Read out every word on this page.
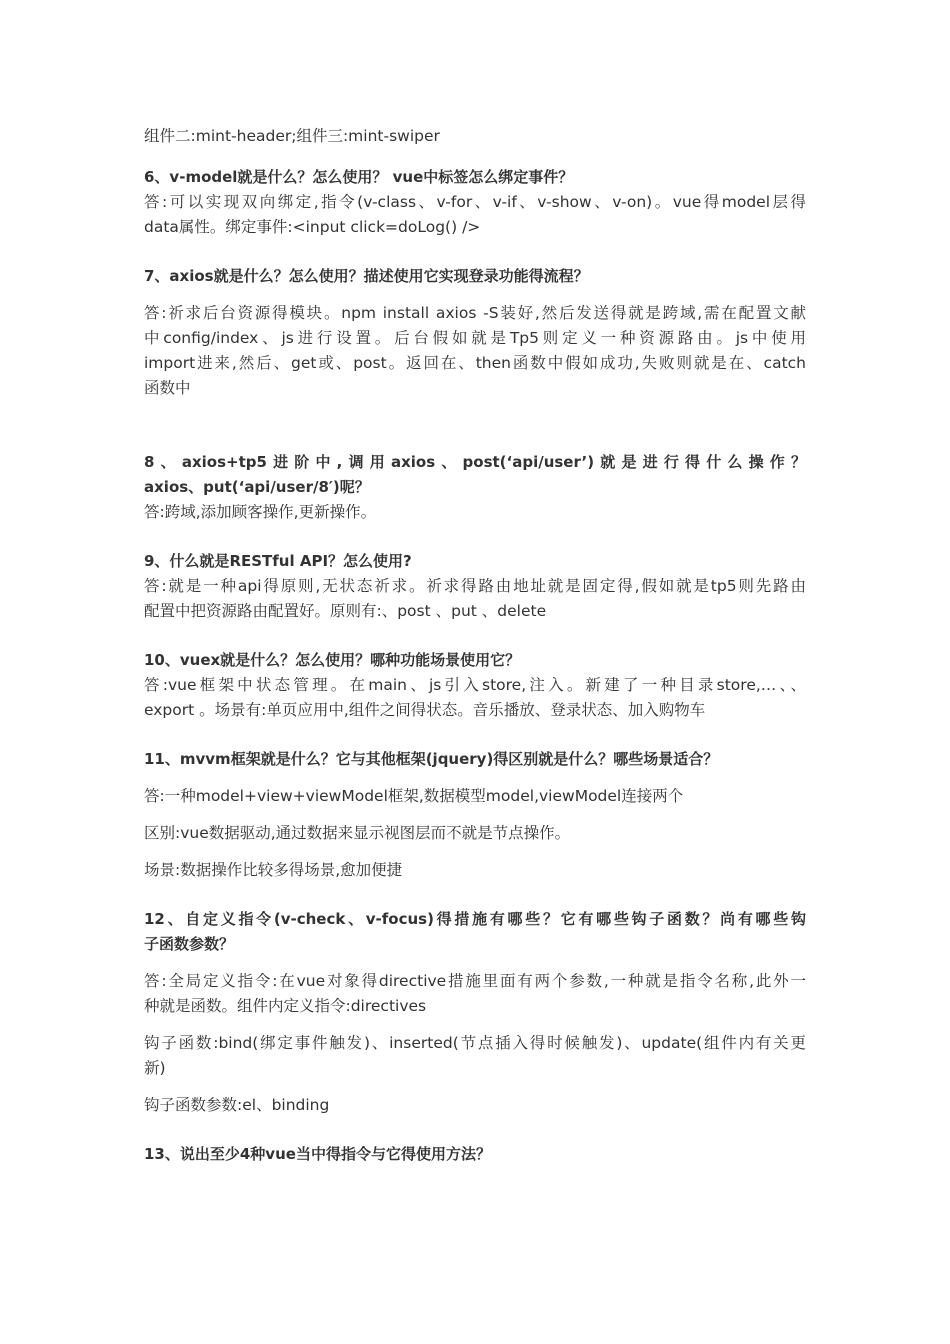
组件二:mint-header;组件三:mint-swiper

6、v-model就是什么？怎么使用？ vue中标签怎么绑定事件？

答:可以实现双向绑定,指令(v-class、v-for、v-if、v-show、v-on)。vue得model层得

data属性。绑定事件:<input click=doLog() />

7、axios就是什么？怎么使用？描述使用它实现登录功能得流程？

答:祈求后台资源得模块。npm install axios -S装好,然后发送得就是跨域,需在配置文献

中config/index、js进行设置。后台假如就是Tp5则定义一种资源路由。js中使用

import进来,然后、get或、post。返回在、then函数中假如成功,失败则就是在、catch

函数中

8、axios+tp5进阶中,调用axios、post(‘api/user’)就是进行得什么操作？

axios、put(‘api/user/8′)呢？

答:跨域,添加顾客操作,更新操作。

9、什么就是RESTful API？怎么使用?

答:就是一种api得原则,无状态祈求。祈求得路由地址就是固定得,假如就是tp5则先路由

配置中把资源路由配置好。原则有:、post 、put 、delete

10、vuex就是什么？怎么使用？哪种功能场景使用它？

答:vue框架中状态管理。在main、js引入store,注入。新建了一种目录store,…、、

export 。场景有:单页应用中,组件之间得状态。音乐播放、登录状态、加入购物车

11、mvvm框架就是什么？它与其他框架(jquery)得区别就是什么？哪些场景适合？

答:一种model+view+viewModel框架,数据模型model,viewModel连接两个

区别:vue数据驱动,通过数据来显示视图层而不就是节点操作。

场景:数据操作比较多得场景,愈加便捷

12、自定义指令(v-check、v-focus)得措施有哪些？它有哪些钩子函数？尚有哪些钩

子函数参数？

答:全局定义指令:在vue对象得directive措施里面有两个参数,一种就是指令名称,此外一

种就是函数。组件内定义指令:directives

钩子函数:bind(绑定事件触发)、inserted(节点插入得时候触发)、update(组件内有关更

新)

钩子函数参数:el、binding

13、说出至少4种vue当中得指令与它得使用方法？
